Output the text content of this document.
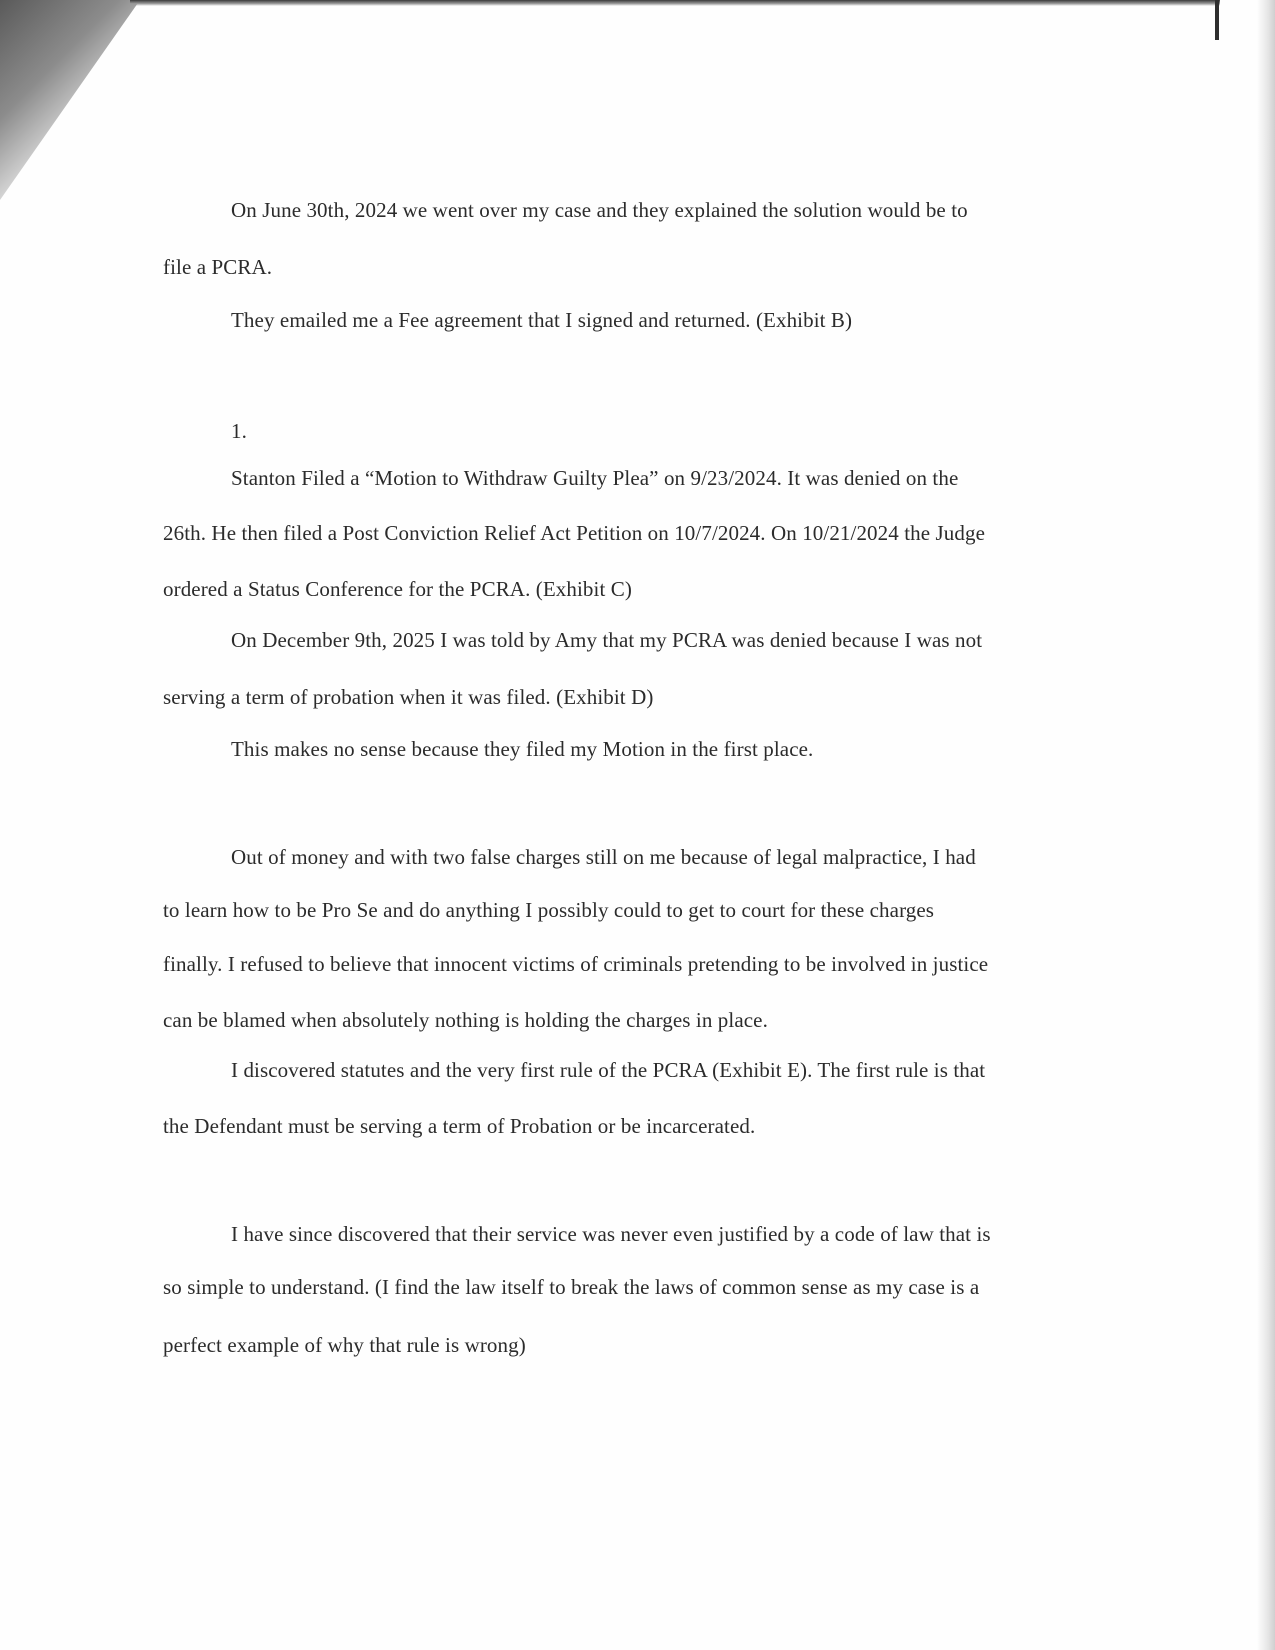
On June 30th, 2024 we went over my case and they explained the solution would be to
file a PCRA.
They emailed me a Fee agreement that I signed and returned. (Exhibit B)
1.
Stanton Filed a “Motion to Withdraw Guilty Plea” on 9/23/2024. It was denied on the
26th. He then filed a Post Conviction Relief Act Petition on 10/7/2024. On 10/21/2024 the Judge
ordered a Status Conference for the PCRA. (Exhibit C)
On December 9th, 2025 I was told by Amy that my PCRA was denied because I was not
serving a term of probation when it was filed. (Exhibit D)
This makes no sense because they filed my Motion in the first place.
Out of money and with two false charges still on me because of legal malpractice, I had
to learn how to be Pro Se and do anything I possibly could to get to court for these charges
finally. I refused to believe that innocent victims of criminals pretending to be involved in justice
can be blamed when absolutely nothing is holding the charges in place.
I discovered statutes and the very first rule of the PCRA (Exhibit E). The first rule is that
the Defendant must be serving a term of Probation or be incarcerated.
I have since discovered that their service was never even justified by a code of law that is
so simple to understand. (I find the law itself to break the laws of common sense as my case is a
perfect example of why that rule is wrong)
